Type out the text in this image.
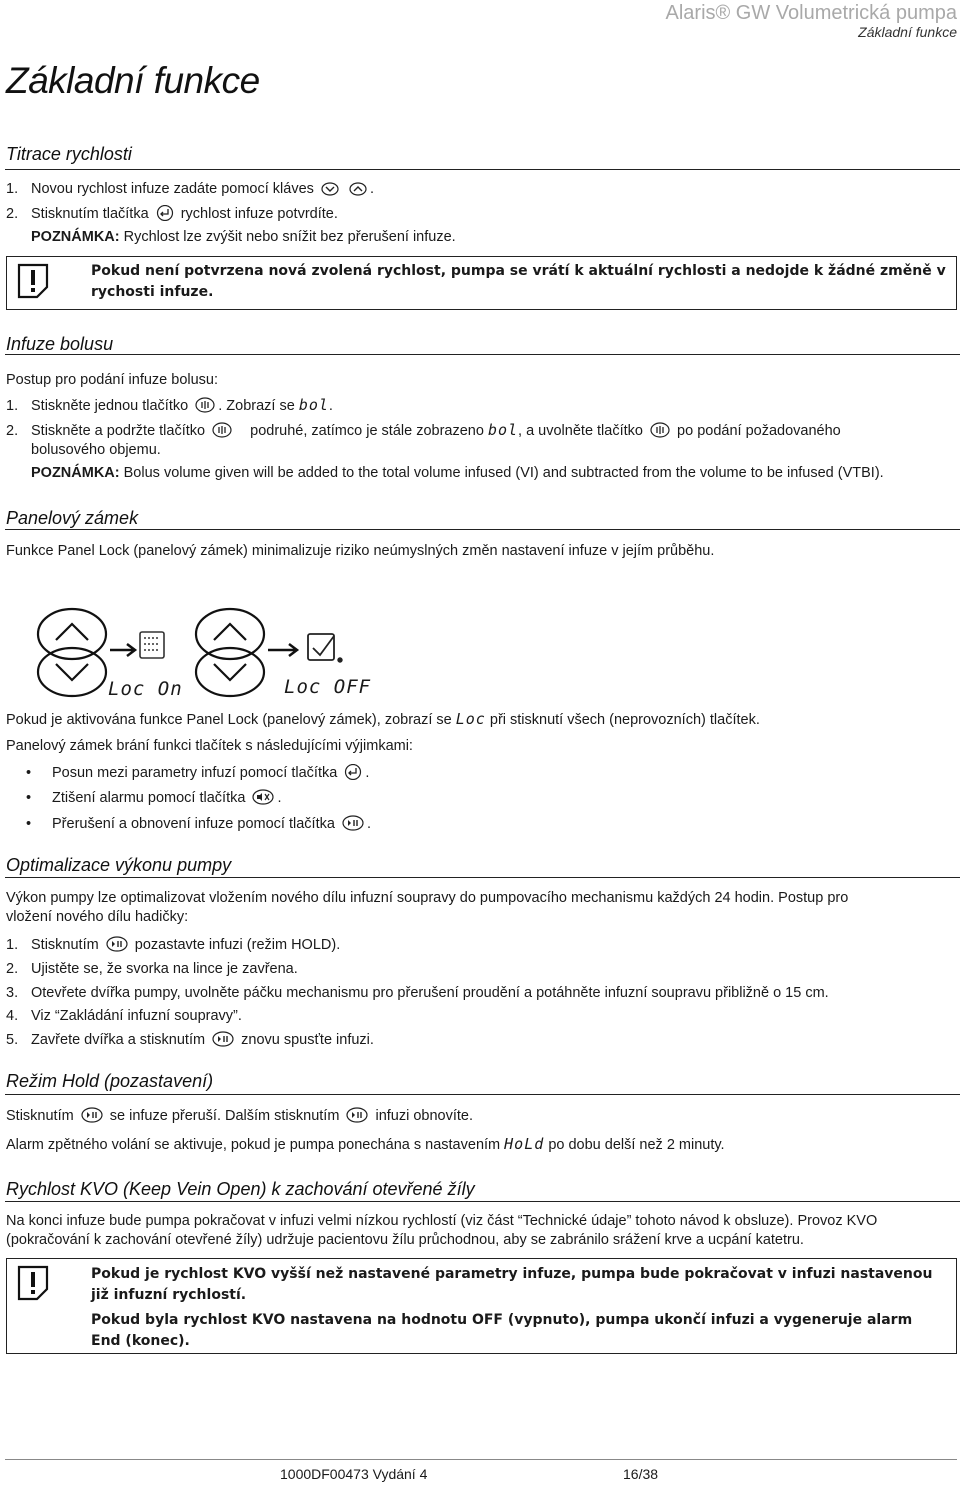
Alaris® GW Volumetrická pumpa
Základní funkce
Základní funkce
Titrace rychlosti
1. Novou rychlost infuze zadáte pomocí kláves	.
2. Stisknutím tlačítka rychlost infuze potvrdíte.
POZNÁMKA: Rychlost lze zvýšit nebo snížit bez přerušení infuze.
Pokud není potvrzena nová zvolená rychlost, pumpa se vrátí k aktuální rychlosti a nedojde k žádné změně v rychosti infuze.
Infuze bolusu
Postup pro podání infuze bolusu:
1. Stiskněte jednou tlačítko . Zobrazí se bol.
2. Stiskněte a podržte tlačítko	podruhé, zatímco je stále zobrazeno bol, a uvolněte tlačítko po podání požadovaného
bolusového objemu.
POZNÁMKA: Bolus volume given will be added to the total volume infused (VI) and subtracted from the volume to be infused (VTBI).
Panelový zámek
Funkce Panel Lock (panelový zámek) minimalizuje riziko neúmyslných změn nastavení infuze v jejím průběhu.
Loc On	Loc OFF
Pokud je aktivována funkce Panel Lock (panelový zámek), zobrazí se Loc při stisknutí všech (neprovozních) tlačítek.
Panelový zámek brání funkci tlačítek s následujícími výjimkami:
Posun mezi parametry infuzí pomocí tlačítka .
Ztišení alarmu pomocí tlačítka .
Přerušení a obnovení infuze pomocí tlačítka .
Optimalizace výkonu pumpy
Výkon pumpy lze optimalizovat vložením nového dílu infuzní soupravy do pumpovacího mechanismu každých 24 hodin. Postup pro
vložení nového dílu hadičky:
1. Stisknutím pozastavte infuzi (režim HOLD).
2. Ujistěte se, že svorka na lince je zavřena.
3. Otevřete dvířka pumpy, uvolněte páčku mechanismu pro přerušení proudění a potáhněte infuzní soupravu přibližně o 15 cm.
4. Viz “Zakládání infuzní soupravy”.
5. Zavřete dvířka a stisknutím znovu spusťte infuzi.
Režim Hold (pozastavení)
Stisknutím se infuze přeruší. Dalším stisknutím infuzi obnovíte.
Alarm zpětného volání se aktivuje, pokud je pumpa ponechána s nastavením HoLd po dobu delší než 2 minuty.
Rychlost KVO (Keep Vein Open) k zachování otevřené žíly
Na konci infuze bude pumpa pokračovat v infuzi velmi nízkou rychlostí (viz část “Technické údaje” tohoto návod k obsluze). Provoz KVO
(pokračování k zachování otevřené žíly) udržuje pacientovu žílu průchodnou, aby se zabránilo srážení krve a ucpání katetru.
Pokud je rychlost KVO vyšší než nastavené parametry infuze, pumpa bude pokračovat v infuzi nastavenou již infuzní rychlostí.
Pokud byla rychlost KVO nastavena na hodnotu OFF (vypnuto), pumpa ukončí infuzi a vygeneruje alarm End (konec).
1000DF00473 Vydání 4	16/38
